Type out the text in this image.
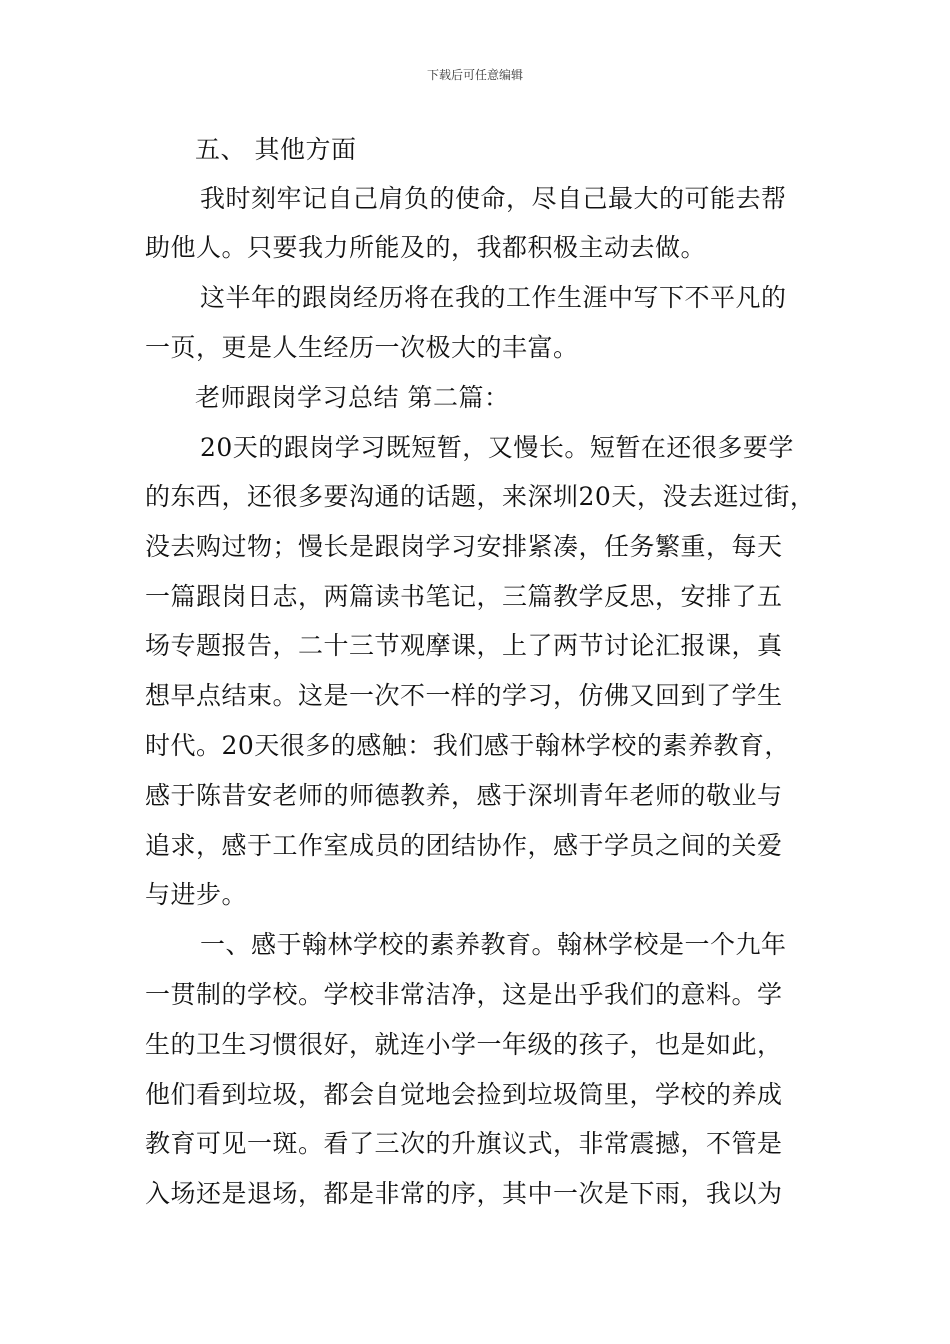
下载后可任意编辑
五、 其他方面
我时刻牢记自己肩负的使命，尽自己最大的可能去帮
助他人。只要我力所能及的，我都积极主动去做。
这半年的跟岗经历将在我的工作生涯中写下不平凡的
一页，更是人生经历一次极大的丰富。
老师跟岗学习总结 第二篇：
20天的跟岗学习既短暂，又慢长。短暂在还很多要学
的东西，还很多要沟通的话题，来深圳20天，没去逛过街，
没去购过物；慢长是跟岗学习安排紧凑，任务繁重，每天
一篇跟岗日志，两篇读书笔记，三篇教学反思，安排了五
场专题报告，二十三节观摩课，上了两节讨论汇报课，真
想早点结束。这是一次不一样的学习，仿佛又回到了学生
时代。20天很多的感触：我们感于翰林学校的素养教育，
感于陈昔安老师的师德教养，感于深圳青年老师的敬业与
追求，感于工作室成员的团结协作，感于学员之间的关爱
与进步。
一、感于翰林学校的素养教育。翰林学校是一个九年
一贯制的学校。学校非常洁净，这是出乎我们的意料。学
生的卫生习惯很好，就连小学一年级的孩子，也是如此，
他们看到垃圾，都会自觉地会捡到垃圾筒里，学校的养成
教育可见一斑。看了三次的升旗议式，非常震撼，不管是
入场还是退场，都是非常的序，其中一次是下雨，我以为
